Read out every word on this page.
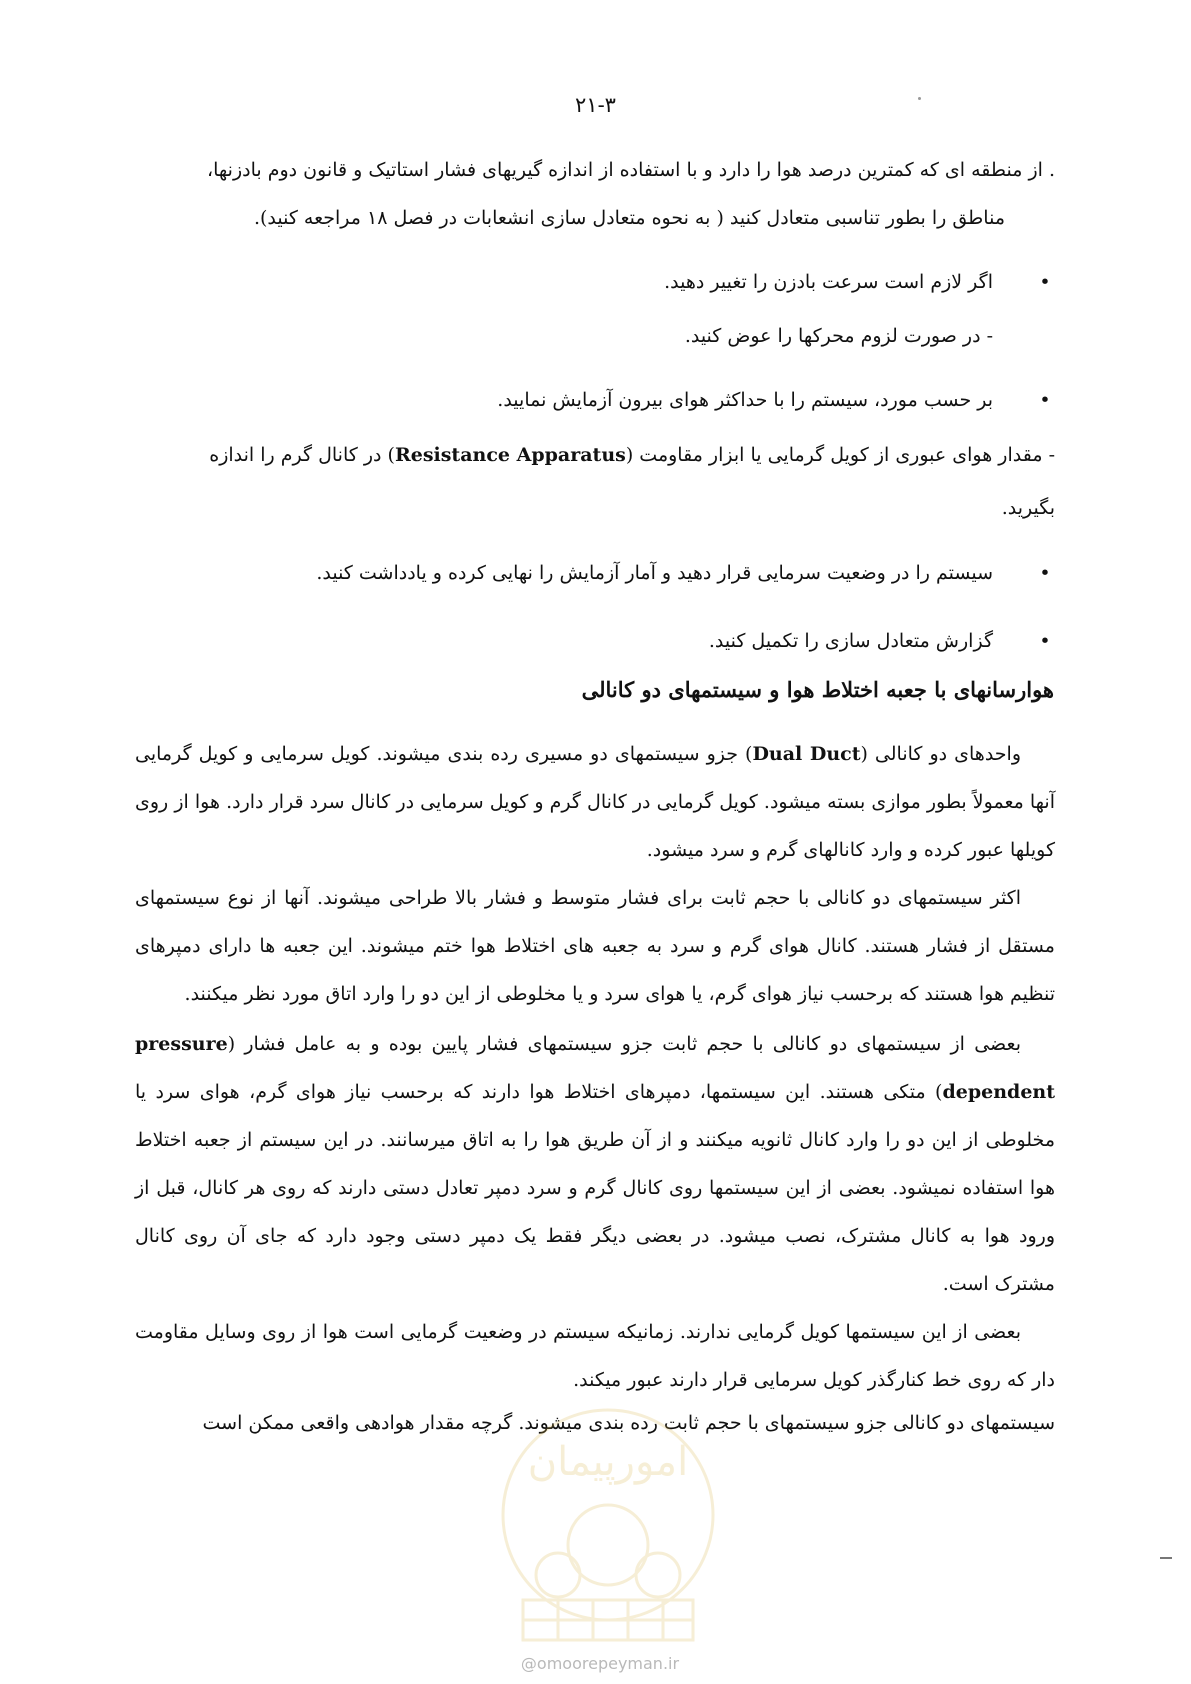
۲۱-۳
. از منطقه ای که کمترین درصد هوا را دارد و با استفاده از اندازه گیریهای فشار استاتیک و قانون دوم بادزنها،
مناطق را بطور تناسبی متعادل کنید ( به نحوه متعادل سازی انشعابات در فصل ۱۸ مراجعه کنید).
•
اگر لازم است سرعت بادزن را تغییر دهید.
- در صورت لزوم محرکها را عوض کنید.
•
بر حسب مورد، سیستم را با حداکثر هوای بیرون آزمایش نمایید.
- مقدار هوای عبوری از کویل گرمایی یا ابزار مقاومت (Resistance Apparatus) در کانال گرم را اندازه
بگیرید.
•
سیستم را در وضعیت سرمایی قرار دهید و آمار آزمایش را نهایی کرده و یادداشت کنید.
•
گزارش متعادل سازی را تکمیل کنید.
هوارسانهای با جعبه اختلاط هوا و سیستمهای دو کانالی
واحدهای دو کانالی (Dual Duct) جزو سیستمهای دو مسیری رده بندی میشوند. کویل سرمایی و کویل گرمایی آنها معمولاً بطور موازی بسته میشود. کویل گرمایی در کانال گرم و کویل سرمایی در کانال سرد قرار دارد. هوا از روی کویلها عبور کرده و وارد کانالهای گرم و سرد میشود.
اکثر سیستمهای دو کانالی با حجم ثابت برای فشار متوسط و فشار بالا طراحی میشوند. آنها از نوع سیستمهای مستقل از فشار هستند. کانال هوای گرم و سرد به جعبه های اختلاط هوا ختم میشوند. این جعبه ها دارای دمپرهای تنظیم هوا هستند که برحسب نیاز هوای گرم، یا هوای سرد و یا مخلوطی از این دو را وارد اتاق مورد نظر میکنند.
بعضی از سیستمهای دو کانالی با حجم ثابت جزو سیستمهای فشار پایین بوده و به عامل فشار (pressure dependent) متکی هستند. این سیستمها، دمپرهای اختلاط هوا دارند که برحسب نیاز هوای گرم، هوای سرد یا مخلوطی از این دو را وارد کانال ثانویه میکنند و از آن طریق هوا را به اتاق میرسانند. در این سیستم از جعبه اختلاط هوا استفاده نمیشود. بعضی از این سیستمها روی کانال گرم و سرد دمپر تعادل دستی دارند که روی هر کانال، قبل از ورود هوا به کانال مشترک، نصب میشود. در بعضی دیگر فقط یک دمپر دستی وجود دارد که جای آن روی کانال مشترک است.
بعضی از این سیستمها کویل گرمایی ندارند. زمانیکه سیستم در وضعیت گرمایی است هوا از روی وسایل مقاومت دار که روی خط کنارگذر کویل سرمایی قرار دارند عبور میکند.
سیستمهای دو کانالی جزو سیستمهای با حجم ثابت رده بندی میشوند. گرچه مقدار هوادهی واقعی ممکن است
امورپیمان
@omoorepeyman.ir
